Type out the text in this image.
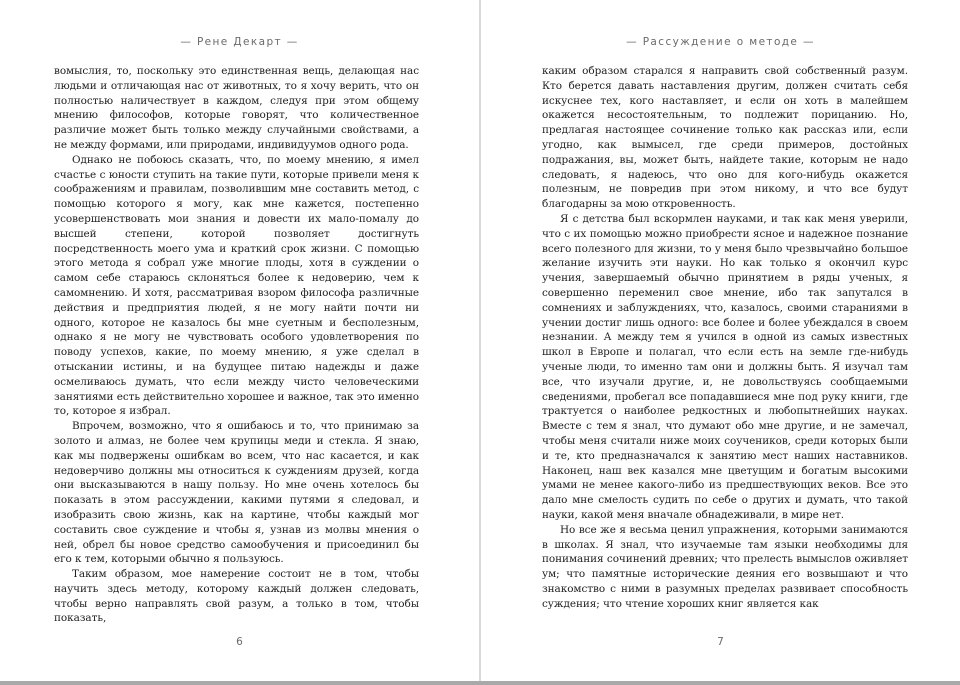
— Рене Декарт —

вомыслия, то, поскольку это единственная вещь, делающая нас людьми и отличающая нас от животных, то я хочу верить, что он полностью наличествует в каждом, следуя при этом общему мнению философов, которые говорят, что количественное различие может быть только между случайными свойствами, а не между формами, или природами, индивидуумов одного рода.

Однако не побоюсь сказать, что, по моему мнению, я имел счастье с юности ступить на такие пути, которые привели меня к соображениям и правилам, позволившим мне составить метод, с помощью которого я могу, как мне кажется, постепенно усовершенствовать мои знания и довести их мало-помалу до высшей степени, которой позволяет достигнуть посредственность моего ума и краткий срок жизни. С помощью этого метода я собрал уже многие плоды, хотя в суждении о самом себе стараюсь склоняться более к недоверию, чем к самомнению. И хотя, рассматривая взором философа различные действия и предприятия людей, я не могу найти почти ни одного, которое не казалось бы мне суетным и бесполезным, однако я не могу не чувствовать особого удовлетворения по поводу успехов, какие, по моему мнению, я уже сделал в отыскании истины, и на будущее питаю надежды и даже осмеливаюсь думать, что если между чисто человеческими занятиями есть действительно хорошее и важное, так это именно то, которое я избрал.

Впрочем, возможно, что я ошибаюсь и то, что принимаю за золото и алмаз, не более чем крупицы меди и стекла. Я знаю, как мы подвержены ошибкам во всем, что нас касается, и как недоверчиво должны мы относиться к суждениям друзей, когда они высказываются в нашу пользу. Но мне очень хотелось бы показать в этом рассуждении, какими путями я следовал, и изобразить свою жизнь, как на картине, чтобы каждый мог составить свое суждение и чтобы я, узнав из молвы мнения о ней, обрел бы новое средство самообучения и присоединил бы его к тем, которыми обычно я пользуюсь.

Таким образом, мое намерение состоит не в том, чтобы научить здесь методу, которому каждый должен следовать, чтобы верно направлять свой разум, а только в том, чтобы показать,

6
— Рассуждение о методе —

каким образом старался я направить свой собственный разум. Кто берется давать наставления другим, должен считать себя искуснее тех, кого наставляет, и если он хоть в малейшем окажется несостоятельным, то подлежит порицанию. Но, предлагая настоящее сочинение только как рассказ или, если угодно, как вымысел, где среди примеров, достойных подражания, вы, может быть, найдете такие, которым не надо следовать, я надеюсь, что оно для кого-нибудь окажется полезным, не повредив при этом никому, и что все будут благодарны за мою откровенность.

Я с детства был вскормлен науками, и так как меня уверили, что с их помощью можно приобрести ясное и надежное познание всего полезного для жизни, то у меня было чрезвычайно большое желание изучить эти науки. Но как только я окончил курс учения, завершаемый обычно принятием в ряды ученых, я совершенно переменил свое мнение, ибо так запутался в сомнениях и заблуждениях, что, казалось, своими стараниями в учении достиг лишь одного: все более и более убеждался в своем незнании. А между тем я учился в одной из самых известных школ в Европе и полагал, что если есть на земле где-нибудь ученые люди, то именно там они и должны быть. Я изучал там все, что изучали другие, и, не довольствуясь сообщаемыми сведениями, пробегал все попадавшиеся мне под руку книги, где трактуется о наиболее редкостных и любопытнейших науках. Вместе с тем я знал, что думают обо мне другие, и не замечал, чтобы меня считали ниже моих соучеников, среди которых были и те, кто предназначался к занятию мест наших наставников. Наконец, наш век казался мне цветущим и богатым высокими умами не менее какого-либо из предшествующих веков. Все это дало мне смелость судить по себе о других и думать, что такой науки, какой меня вначале обнадеживали, в мире нет.

Но все же я весьма ценил упражнения, которыми занимаются в школах. Я знал, что изучаемые там языки необходимы для понимания сочинений древних; что прелесть вымыслов оживляет ум; что памятные исторические деяния его возвышают и что знакомство с ними в разумных пределах развивает способность суждения; что чтение хороших книг является как

7
